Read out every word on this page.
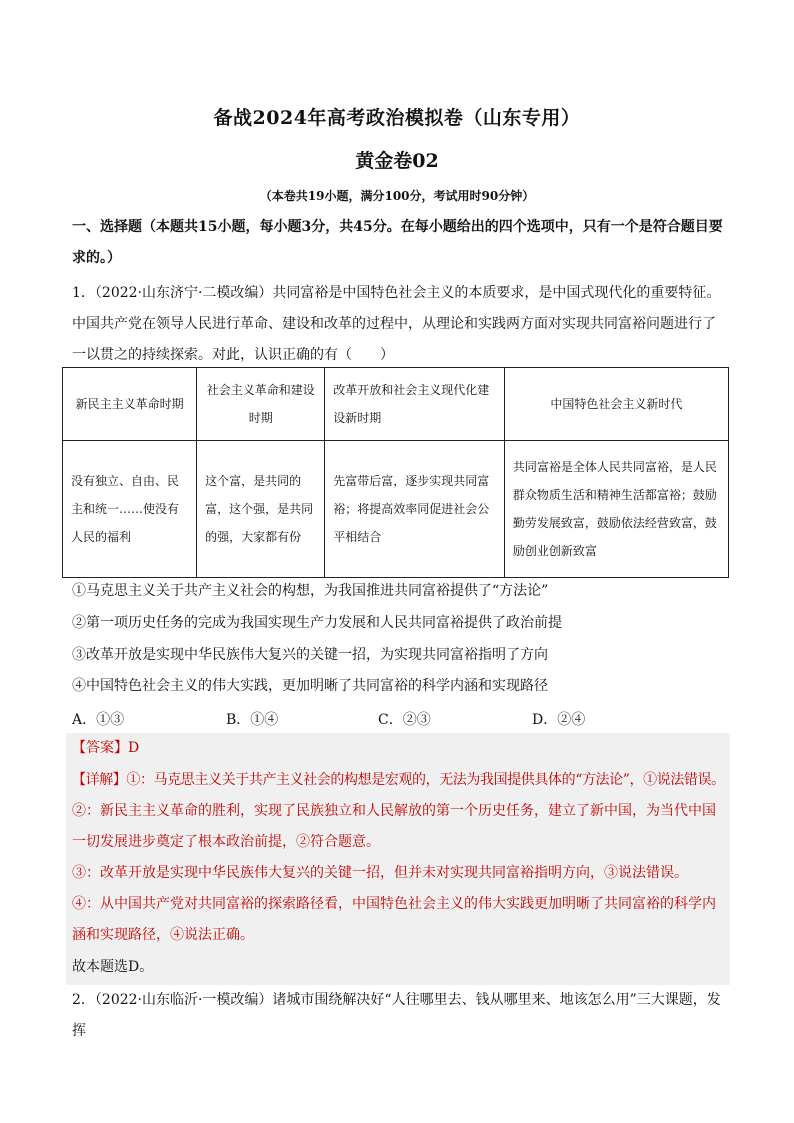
备战2024年高考政治模拟卷（山东专用）
黄金卷02
（本卷共19小题，满分100分，考试用时90分钟）
一、选择题（本题共15小题，每小题3分，共45分。在每小题给出的四个选项中，只有一个是符合题目要求的。）
1．（2022·山东济宁·二模改编）共同富裕是中国特色社会主义的本质要求，是中国式现代化的重要特征。中国共产党在领导人民进行革命、建设和改革的过程中，从理论和实践两方面对实现共同富裕问题进行了一以贯之的持续探索。对此，认识正确的有（　　）
新民主主义革命时期	社会主义革命和建设时期	改革开放和社会主义现代化建设新时期	中国特色社会主义新时代
没有独立、自由、民主和统一……使没有人民的福利	这个富，是共同的富，这个强，是共同的强，大家都有份	先富带后富，逐步实现共同富裕；将提高效率同促进社会公平相结合	共同富裕是全体人民共同富裕，是人民群众物质生活和精神生活都富裕；鼓励勤劳发展致富，鼓励依法经营致富，鼓励创业创新致富
①马克思主义关于共产主义社会的构想，为我国推进共同富裕提供了“方法论”
②第一项历史任务的完成为我国实现生产力发展和人民共同富裕提供了政治前提
③改革开放是实现中华民族伟大复兴的关键一招，为实现共同富裕指明了方向
④中国特色社会主义的伟大实践，更加明晰了共同富裕的科学内涵和实现路径
A．①③	B．①④	C．②③	D．②④
【答案】D
【详解】①：马克思主义关于共产主义社会的构想是宏观的，无法为我国提供具体的“方法论”，①说法错误。
②：新民主主义革命的胜利，实现了民族独立和人民解放的第一个历史任务，建立了新中国，为当代中国一切发展进步奠定了根本政治前提，②符合题意。
③：改革开放是实现中华民族伟大复兴的关键一招，但并未对实现共同富裕指明方向，③说法错误。
④：从中国共产党对共同富裕的探索路径看，中国特色社会主义的伟大实践更加明晰了共同富裕的科学内涵和实现路径，④说法正确。
故本题选D。
2．（2022·山东临沂·一模改编）诸城市围绕解决好“人往哪里去、钱从哪里来、地该怎么用”三大课题，发挥
